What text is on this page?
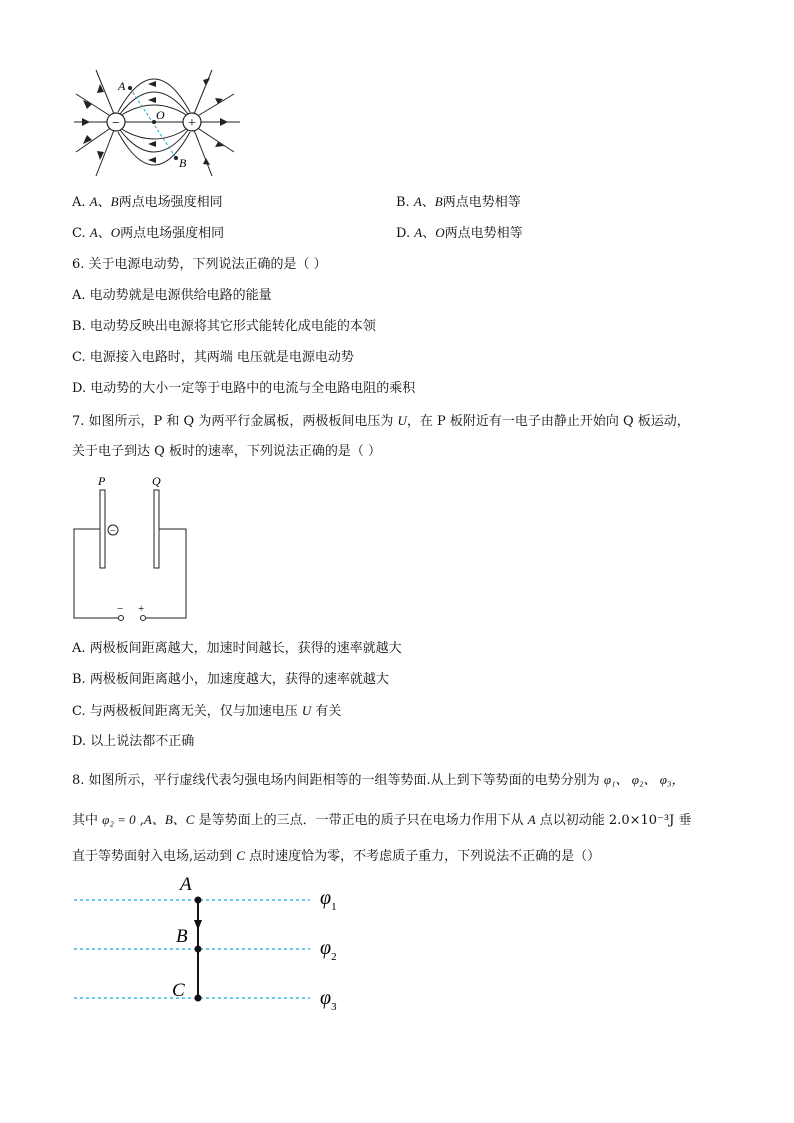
−	+
A
O
B
A. A、B两点电场强度相同	B. A、B两点电势相等
C. A、O两点电场强度相同	D. A、O两点电势相等
6. 关于电源电动势，下列说法正确的是（ ）
A. 电动势就是电源供给电路的能量
B. 电动势反映出电源将其它形式能转化成电能的本领
C. 电源接入电路时，其两端 电压就是电源电动势
D. 电动势的大小一定等于电路中的电流与全电路电阻的乘积
7. 如图所示，P 和 Q 为两平行金属板，两极板间电压为 U，在 P 板附近有一电子由静止开始向 Q 板运动，
关于电子到达 Q 板时的速率，下列说法正确的是（ ）
−
P	Q
− +
A. 两极板间距离越大，加速时间越长，获得的速率就越大
B. 两极板间距离越小，加速度越大，获得的速率就越大
C. 与两极板间距离无关，仅与加速电压 U 有关
D. 以上说法都不正确
8. 如图所示，平行虚线代表匀强电场内间距相等的一组等势面.从上到下等势面的电势分别为 φ₁、 φ₂、 φ₃，
其中 φ₂ = 0 ,A、B、C 是等势面上的三点．一带正电的质子只在电场力作用下从 A 点以初动能 2.0×10⁻³J 垂
直于等势面射入电场,运动到 C 点时速度恰为零，不考虑质子重力，下列说法不正确的是（）
A
B
C
$\varphi_1$
$\varphi_2$
$\varphi_3$
